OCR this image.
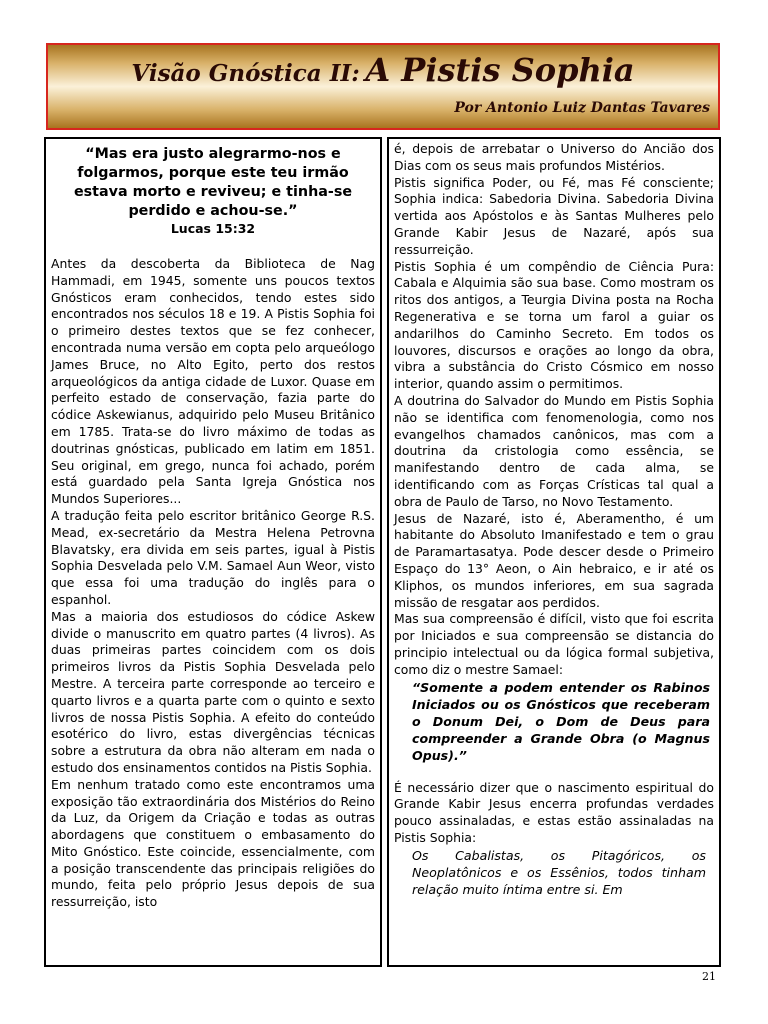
Visão Gnóstica II: A Pistis Sophia
Por Antonio Luiz Dantas Tavares
“Mas era justo alegrarmo-nos e folgarmos, porque este teu irmão estava morto e reviveu; e tinha-se perdido e achou-se.”
Lucas 15:32

Antes da descoberta da Biblioteca de Nag Hammadi, em 1945, somente uns poucos textos Gnósticos eram conhecidos, tendo estes sido encontrados nos séculos 18 e 19. A Pistis Sophia foi o primeiro destes textos que se fez conhecer, encontrada numa versão em copta pelo arqueólogo James Bruce, no Alto Egito, perto dos restos arqueológicos da antiga cidade de Luxor. Quase em perfeito estado de conservação, fazia parte do códice Askewianus, adquirido pelo Museu Britânico em 1785. Trata-se do livro máximo de todas as doutrinas gnósticas, publicado em latim em 1851. Seu original, em grego, nunca foi achado, porém está guardado pela Santa Igreja Gnóstica nos Mundos Superiores...

A tradução feita pelo escritor britânico George R.S. Mead, ex-secretário da Mestra Helena Petrovna Blavatsky, era divida em seis partes, igual à Pistis Sophia Desvelada pelo V.M. Samael Aun Weor, visto que essa foi uma tradução do inglês para o espanhol.

Mas a maioria dos estudiosos do códice Askew divide o manuscrito em quatro partes (4 livros). As duas primeiras partes coincidem com os dois primeiros livros da Pistis Sophia Desvelada pelo Mestre. A terceira parte corresponde ao terceiro e quarto livros e a quarta parte com o quinto e sexto livros de nossa Pistis Sophia. A efeito do conteúdo esotérico do livro, estas divergências técnicas sobre a estrutura da obra não alteram em nada o estudo dos ensinamentos contidos na Pistis Sophia.

Em nenhum tratado como este encontramos uma exposição tão extraordinária dos Mistérios do Reino da Luz, da Origem da Criação e todas as outras abordagens que constituem o embasamento do Mito Gnóstico. Este coincide, essencialmente, com a posição transcendente das principais religiões do mundo, feita pelo próprio Jesus depois de sua ressurreição, isto

é, depois de arrebatar o Universo do Ancião dos Dias com os seus mais profundos Mistérios.

Pistis significa Poder, ou Fé, mas Fé consciente; Sophia indica: Sabedoria Divina. Sabedoria Divina vertida aos Apóstolos e às Santas Mulheres pelo Grande Kabir Jesus de Nazaré, após sua ressurreição.

Pistis Sophia é um compêndio de Ciência Pura: Cabala e Alquimia são sua base. Como mostram os ritos dos antigos, a Teurgia Divina posta na Rocha Regenerativa e se torna um farol a guiar os andarilhos do Caminho Secreto. Em todos os louvores, discursos e orações ao longo da obra, vibra a substância do Cristo Cósmico em nosso interior, quando assim o permitimos.

A doutrina do Salvador do Mundo em Pistis Sophia não se identifica com fenomenologia, como nos evangelhos chamados canônicos, mas com a doutrina da cristologia como essência, se manifestando dentro de cada alma, se identificando com as Forças Crísticas tal qual a obra de Paulo de Tarso, no Novo Testamento.

Jesus de Nazaré, isto é, Aberamentho, é um habitante do Absoluto Imanifestado e tem o grau de Paramartasatya. Pode descer desde o Primeiro Espaço do 13° Aeon, o Ain hebraico, e ir até os Kliphos, os mundos inferiores, em sua sagrada missão de resgatar aos perdidos.

Mas sua compreensão é difícil, visto que foi escrita por Iniciados e sua compreensão se distancia do principio intelectual ou da lógica formal subjetiva, como diz o mestre Samael:

“Somente a podem entender os Rabinos Iniciados ou os Gnósticos que receberam o Donum Dei, o Dom de Deus para compreender a Grande Obra (o Magnus Opus).”

É necessário dizer que o nascimento espiritual do Grande Kabir Jesus encerra profundas verdades pouco assinaladas, e estas estão assinaladas na Pistis Sophia:

Os Cabalistas, os Pitagóricos, os Neoplatônicos e os Essênios, todos tinham relação muito íntima entre si. Em
21
